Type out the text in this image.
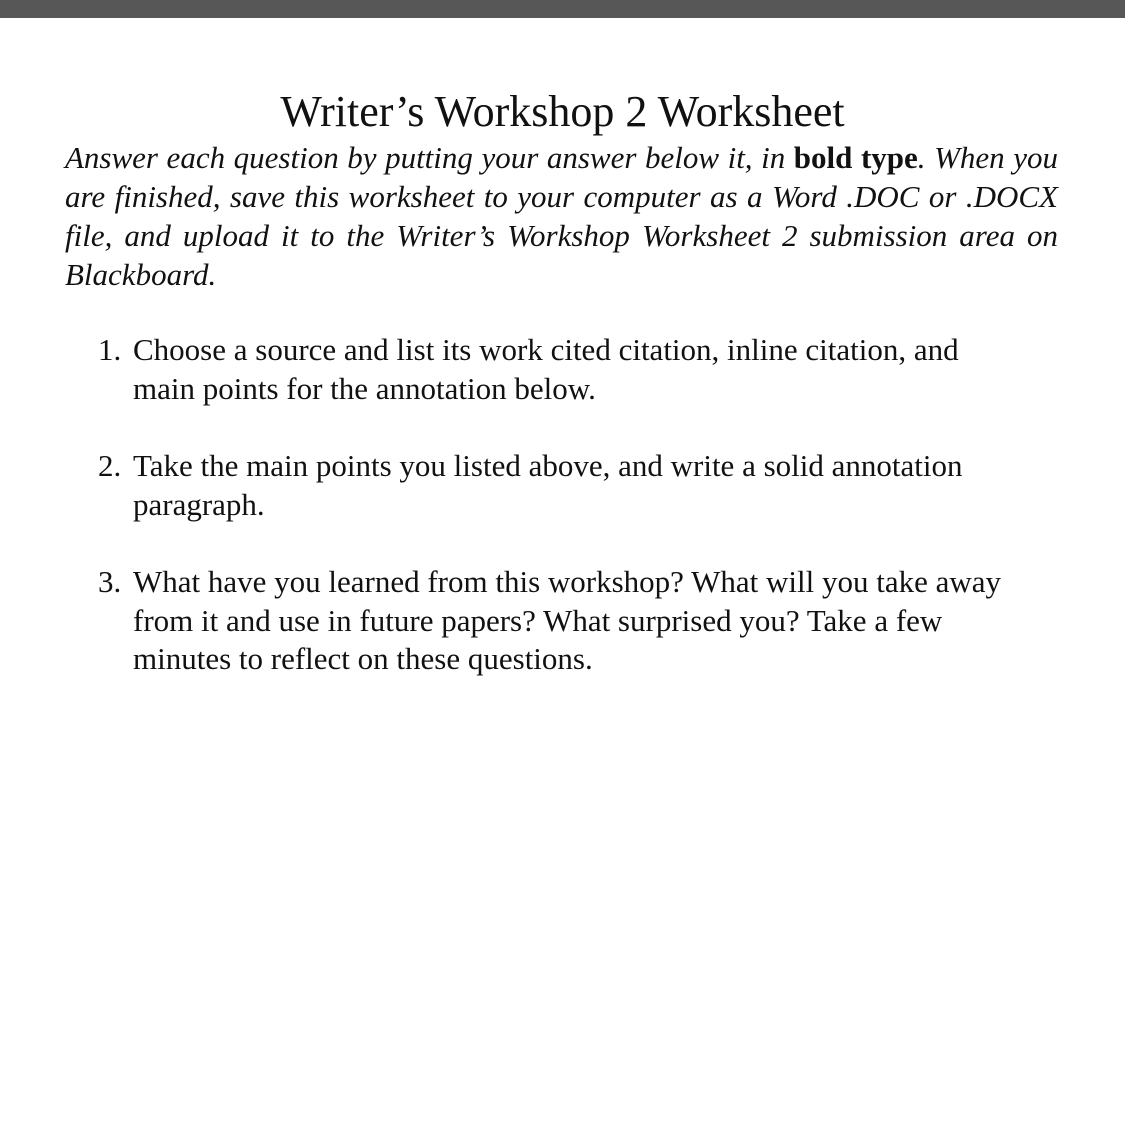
Writer’s Workshop 2 Worksheet

Answer each question by putting your answer below it, in bold type. When you are finished, save this worksheet to your computer as a Word .DOC or .DOCX file, and upload it to the Writer’s Workshop Worksheet 2 submission area on Blackboard.

1. Choose a source and list its work cited citation, inline citation, and main points for the annotation below.
2. Take the main points you listed above, and write a solid annotation paragraph.
3. What have you learned from this workshop? What will you take away from it and use in future papers? What surprised you? Take a few minutes to reflect on these questions.
